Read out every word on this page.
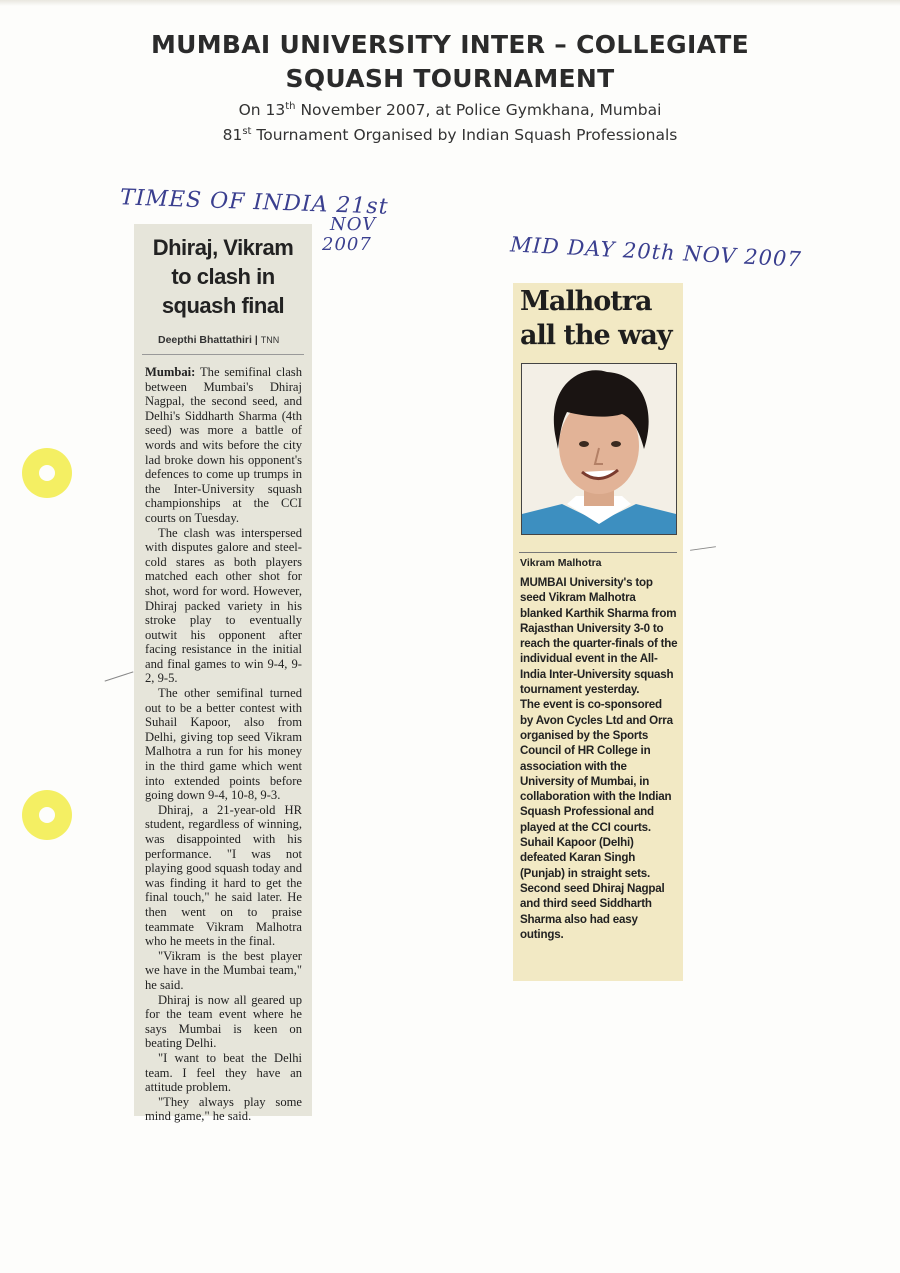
MUMBAI UNIVERSITY INTER – COLLEGIATE
SQUASH TOURNAMENT
On 13th November 2007, at Police Gymkhana, Mumbai
81st Tournament Organised by Indian Squash Professionals
TIMES OF INDIA 21st
NOV
2007	MID DAY 20th NOV 2007
Dhiraj, Vikram
to clash in
squash final
Deepthi Bhattathiri | TNN

Mumbai: The semifinal clash between Mumbai's Dhiraj Nagpal, the second seed, and Delhi's Siddharth Sharma (4th seed) was more a battle of words and wits before the city lad broke down his opponent's defences to come up trumps in the Inter-University squash championships at the CCI courts on Tuesday.

The clash was interspersed with disputes galore and steel-cold stares as both players matched each other shot for shot, word for word. However, Dhiraj packed variety in his stroke play to eventually outwit his opponent after facing resistance in the initial and final games to win 9-4, 9-2, 9-5.

The other semifinal turned out to be a better contest with Suhail Kapoor, also from Delhi, giving top seed Vikram Malhotra a run for his money in the third game which went into extended points before going down 9-4, 10-8, 9-3.

Dhiraj, a 21-year-old HR student, regardless of winning, was disappointed with his performance. "I was not playing good squash today and was finding it hard to get the final touch," he said later. He then went on to praise teammate Vikram Malhotra who he meets in the final.

"Vikram is the best player we have in the Mumbai team," he said.

Dhiraj is now all geared up for the team event where he says Mumbai is keen on beating Delhi.

"I want to beat the Delhi team. I feel they have an attitude problem.

"They always play some mind game," he said.

Malhotra
all the way
Vikram Malhotra

MUMBAI University's top seed Vikram Malhotra blanked Karthik Sharma from Rajasthan University 3-0 to reach the quarter-finals of the individual event in the All-India Inter-University squash tournament yesterday.

The event is co-sponsored by Avon Cycles Ltd and Orra organised by the Sports Council of HR College in association with the University of Mumbai, in collaboration with the Indian Squash Professional and played at the CCI courts. Suhail Kapoor (Delhi) defeated Karan Singh (Punjab) in straight sets. Second seed Dhiraj Nagpal and third seed Siddharth Sharma also had easy outings.
